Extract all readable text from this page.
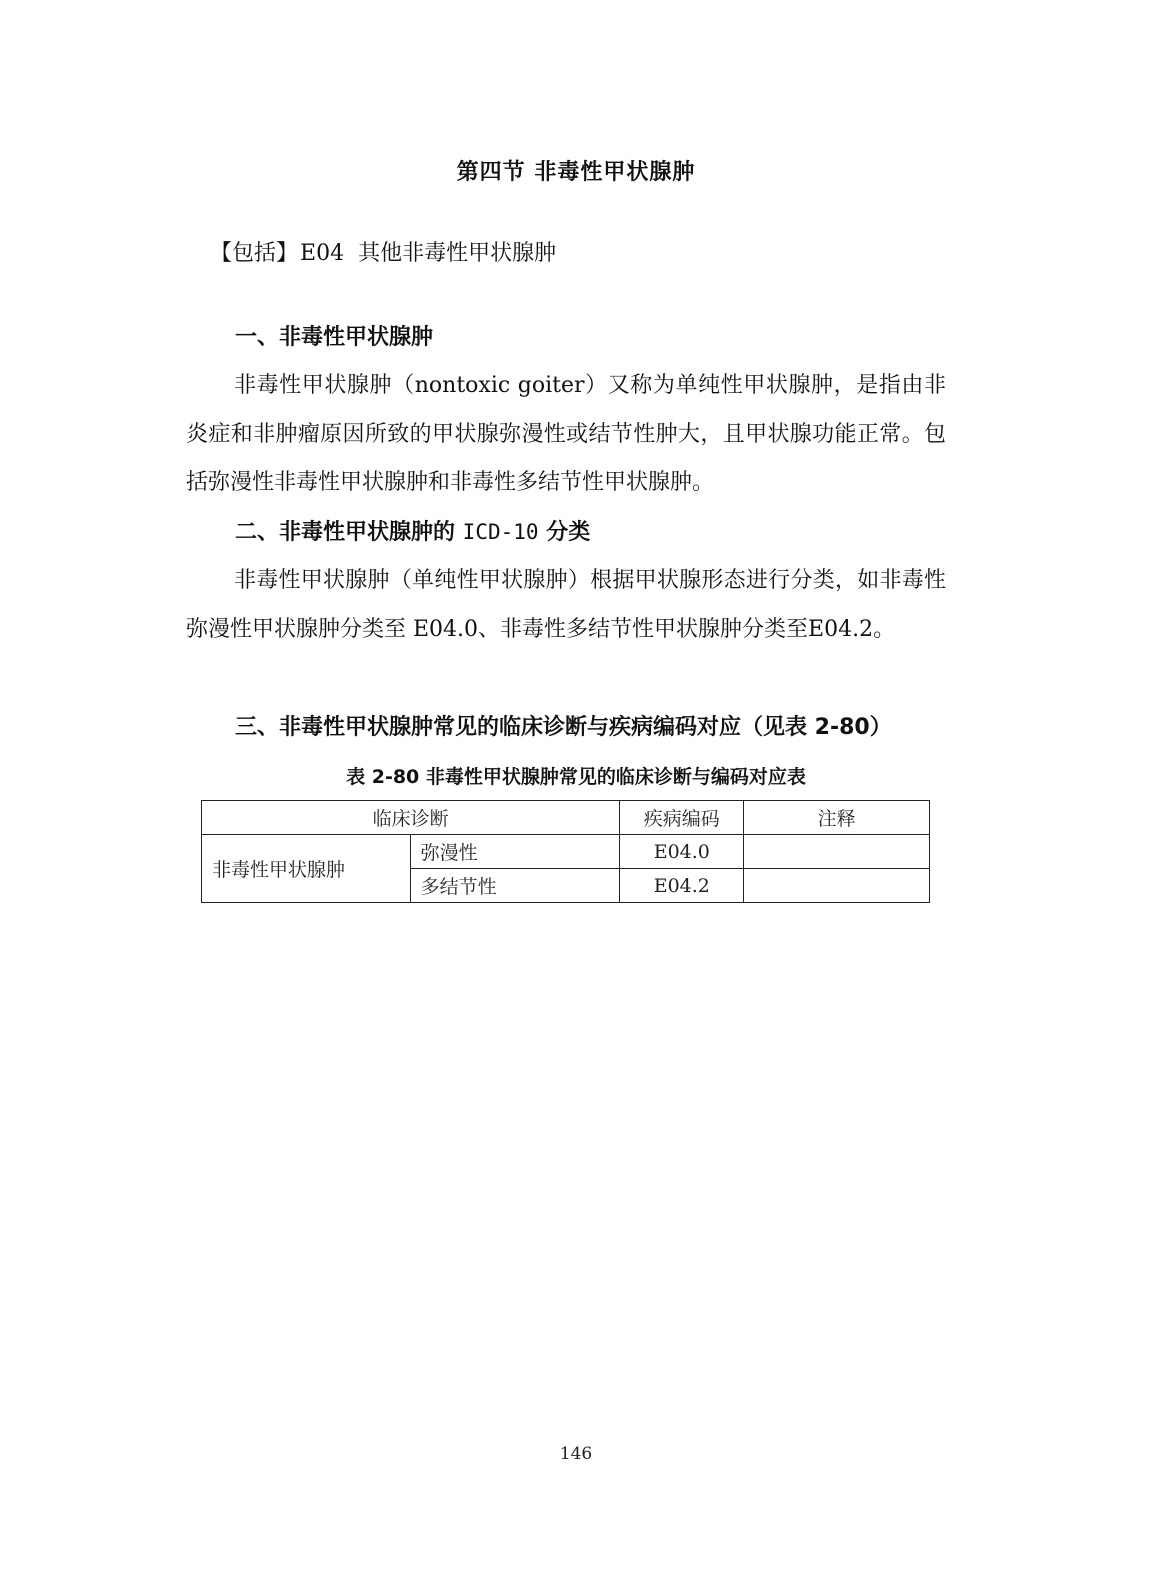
第四节 非毒性甲状腺肿
【包括】E04 其他非毒性甲状腺肿
一、非毒性甲状腺肿

非毒性甲状腺肿（nontoxic goiter）又称为单纯性甲状腺肿，是指由非炎症和非肿瘤原因所致的甲状腺弥漫性或结节性肿大，且甲状腺功能正常。包括弥漫性非毒性甲状腺肿和非毒性多结节性甲状腺肿。

二、非毒性甲状腺肿的 ICD-10 分类

非毒性甲状腺肿（单纯性甲状腺肿）根据甲状腺形态进行分类，如非毒性弥漫性甲状腺肿分类至 E04.0、非毒性多结节性甲状腺肿分类至E04.2。

三、非毒性甲状腺肿常见的临床诊断与疾病编码对应（见表 2-80）
表 2-80 非毒性甲状腺肿常见的临床诊断与编码对应表
临床诊断		疾病编码	注释
非毒性甲状腺肿	弥漫性	E04.0	
	多结节性	E04.2	
146
